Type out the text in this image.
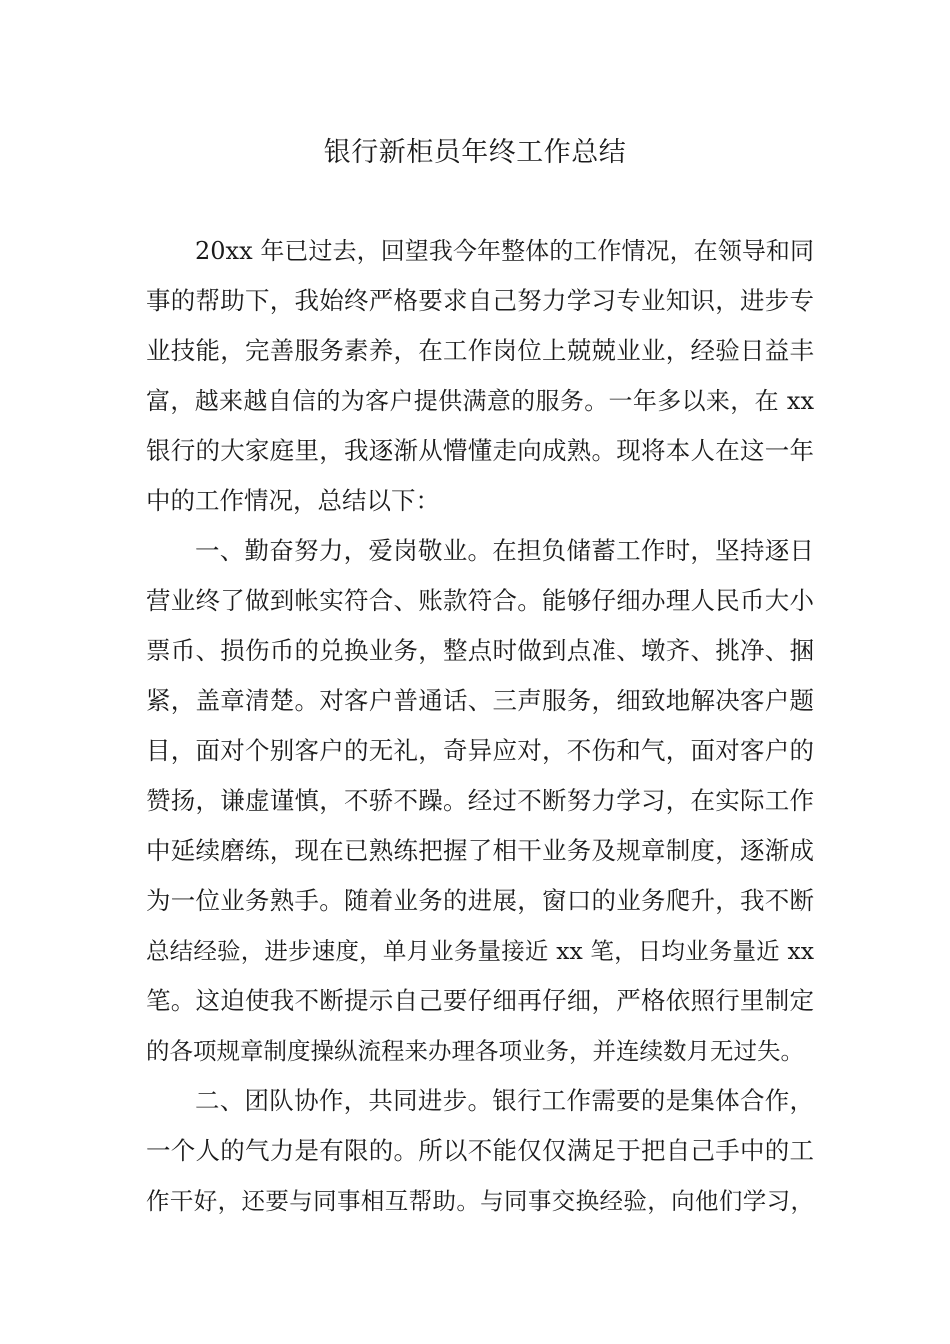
银行新柜员年终工作总结
20xx 年已过去，回望我今年整体的工作情况，在领导和同
事的帮助下，我始终严格要求自己努力学习专业知识，进步专
业技能，完善服务素养，在工作岗位上兢兢业业，经验日益丰
富，越来越自信的为客户提供满意的服务。一年多以来，在 xx
银行的大家庭里，我逐渐从懵懂走向成熟。现将本人在这一年
中的工作情况，总结以下：
一、勤奋努力，爱岗敬业。在担负储蓄工作时，坚持逐日
营业终了做到帐实符合、账款符合。能够仔细办理人民币大小
票币、损伤币的兑换业务，整点时做到点准、墩齐、挑净、捆
紧，盖章清楚。对客户普通话、三声服务，细致地解决客户题
目，面对个别客户的无礼，奇异应对，不伤和气，面对客户的
赞扬，谦虚谨慎，不骄不躁。经过不断努力学习，在实际工作
中延续磨练，现在已熟练把握了相干业务及规章制度，逐渐成
为一位业务熟手。随着业务的进展，窗口的业务爬升，我不断
总结经验，进步速度，单月业务量接近 xx 笔，日均业务量近 xx
笔。这迫使我不断提示自己要仔细再仔细，严格依照行里制定
的各项规章制度操纵流程来办理各项业务，并连续数月无过失。
二、团队协作，共同进步。银行工作需要的是集体合作，
一个人的气力是有限的。所以不能仅仅满足于把自己手中的工
作干好，还要与同事相互帮助。与同事交换经验，向他们学习，
